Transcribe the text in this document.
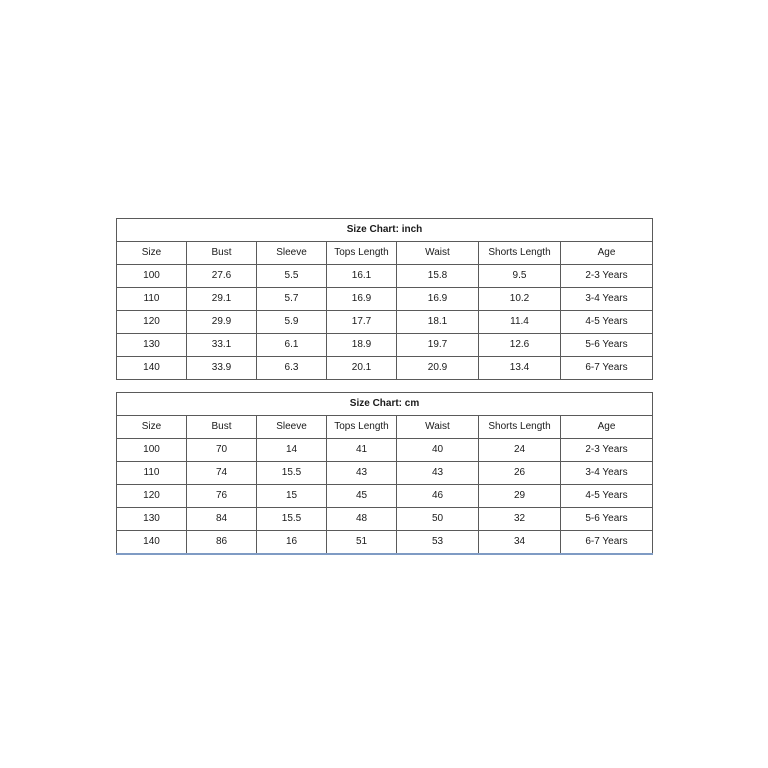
Size Chart: inch						
Size	Bust	Sleeve	Tops Length	Waist	Shorts Length	Age
100	27.6	5.5	16.1	15.8	9.5	2-3 Years
110	29.1	5.7	16.9	16.9	10.2	3-4 Years
120	29.9	5.9	17.7	18.1	11.4	4-5 Years
130	33.1	6.1	18.9	19.7	12.6	5-6 Years
140	33.9	6.3	20.1	20.9	13.4	6-7 Years
Size Chart: cm						
Size	Bust	Sleeve	Tops Length	Waist	Shorts Length	Age
100	70	14	41	40	24	2-3 Years
110	74	15.5	43	43	26	3-4 Years
120	76	15	45	46	29	4-5 Years
130	84	15.5	48	50	32	5-6 Years
140	86	16	51	53	34	6-7 Years
